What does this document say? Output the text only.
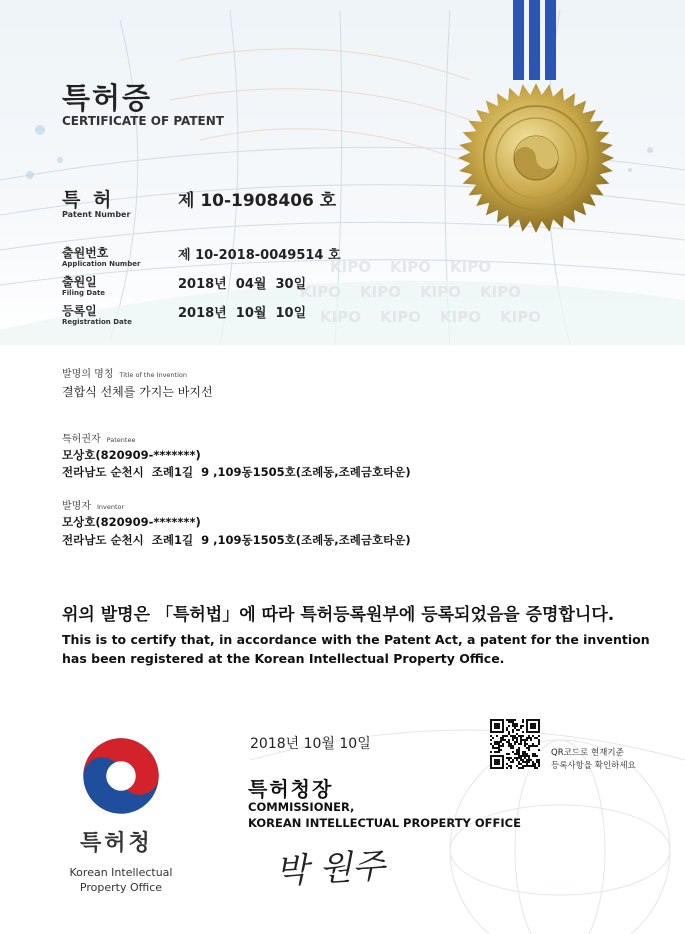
KIPO KIPO KIPO
KIPO KIPO KIPO KIPO
KIPO KIPO KIPO KIPO
특허증
CERTIFICATE OF PATENT
특 허
Patent Number
제 10-1908406 호
출원번호
Application Number
제 10-2018-0049514 호
출원일
Filing Date
2018년  04월  30일
등록일
Registration Date
2018년  10월  10일
발명의 명칭 Title of the Invention
결합식 선체를 가지는 바지선
특허권자 Patentee
모상호(820909-*******)
전라남도 순천시  조례1길  9 ,109동1505호(조례동,조례금호타운)
발명자 Inventor
모상호(820909-*******)
전라남도 순천시  조례1길  9 ,109동1505호(조례동,조례금호타운)
위의 발명은 「특허법」에 따라 특허등록원부에 등록되었음을 증명합니다.
This is to certify that, in accordance with the Patent Act, a patent for the invention
has been registered at the Korean Intellectual Property Office.
2018년 10월 10일
특허청장
COMMISSIONER,
KOREAN INTELLECTUAL PROPERTY OFFICE
QR코드로 현재기준
등록사항을 확인하세요
특허청
Korean Intellectual
Property Office	박 원주
